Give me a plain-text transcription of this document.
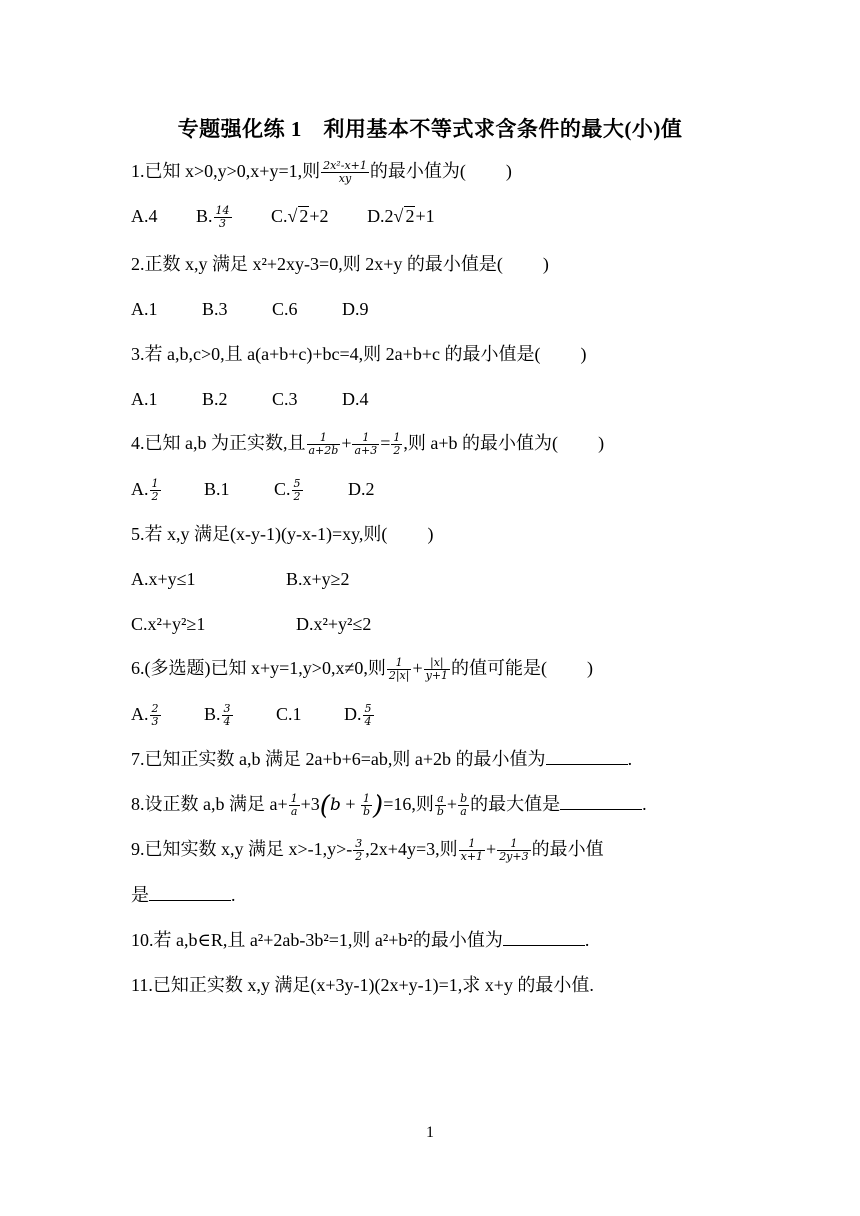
专题强化练 1　利用基本不等式求含条件的最大(小)值
1.已知 x>0,y>0,x+y=1,则 $\frac{\text{2x²-x+1}}{xy}$ 的最小值为( )
A.4 B. $\frac{14}{3} C.√$ 2+2 D.2√ 2+1
2.正数 x,y 满足 x²+2xy-3=0,则 2x+y 的最小值是( )
A.1 B.3 C.6 D.9
3.若 a,b,c>0,且 a(a+b+c)+bc=4,则 2a+b+c 的最小值是( )
A.1 B.2 C.3 D.4
4.已知 a,b 为正实数,且 $\frac{1}{a+2b} + \frac{1}{a+3} = \frac{1}{2}$ ,则 a+b 的最小值为( )
A. $\frac{1}{2} B.1$ C. $\frac{5}{2}$	D.2
5.若 x,y 满足(x-y-1)(y-x-1)=xy,则( )
A.x+y≤1	B.x+y≥2
C.x²+y²≥1	D.x²+y²≤2
6.(多选题)已知 x+y=1,y>0,x≠0,则 $\frac{1}{2|x|} + \frac{|x|}{y+1}$ 的值可能是( )
A. $\frac{2}{3} B$. $\frac{3}{4} C.1$ D. $\frac{5}{4}$
7.已知正实数 a,b 满足 2a+b+6=ab,则 a+2b 的最小值为	.
8.设正数 a,b 满足 $a+ \frac{1}{a} +3(b + \frac{1}{b} )=16$,则 $\frac{a}{b} + \frac{b}{a}$ 的最大值是	.
9.已知实数 x,y 满足 $x>-1,y>- \frac{3}{2} ,2x+4y=3$,则 $\frac{1}{x+1} + \frac{1}{2y+3}$ 的最小值
是	.
10.若 a,b∈R,且 a²+2ab-3b²=1,则 a²+b²的最小值为	.
11.已知正实数 x,y 满足(x+3y-1)(2x+y-1)=1,求 x+y 的最小值.
1
